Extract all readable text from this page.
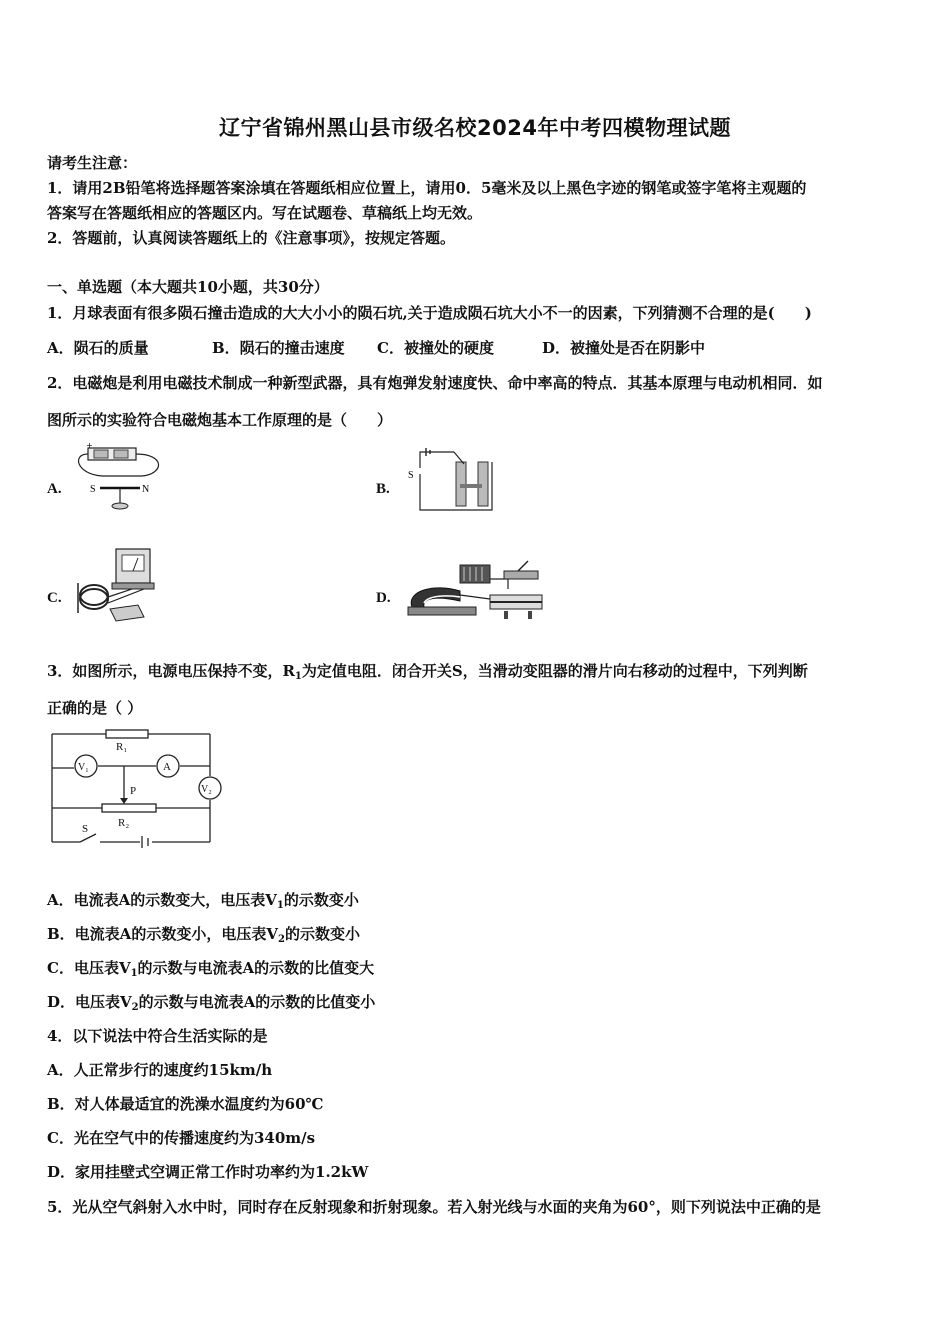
辽宁省锦州黑山县市级名校2024年中考四模物理试题
请考生注意：
1．请用2B铅笔将选择题答案涂填在答题纸相应位置上，请用0．5毫米及以上黑色字迹的钢笔或签字笔将主观题的
答案写在答题纸相应的答题区内。写在试题卷、草稿纸上均无效。
2．答题前，认真阅读答题纸上的《注意事项》，按规定答题。
一、单选题（本大题共10小题，共30分）
1．月球表面有很多陨石撞击造成的大大小小的陨石坑,关于造成陨石坑大小不一的因素，下列猜测不合理的是(　　)
A．陨石的质量	B．陨石的撞击速度 C．被撞处的硬度	D．被撞处是否在阴影中
2．电磁炮是利用电磁技术制成一种新型武器，具有炮弹发射速度快、命中率高的特点．其基本原理与电动机相同．如
图所示的实验符合电磁炮基本工作原理的是（　　）
A.	S	N
+
B.
S
C.	D.
3．如图所示，电源电压保持不变，$R_1$为定值电阻．闭合开关S，当滑动变阻器的滑片向右移动的过程中，下列判断
正确的是（ ）
R₁
V₁	A
V₂
P
R₂
S
A．电流表A的示数变大，电压表$V_1$的示数变小
B．电流表A的示数变小，电压表$V_2$的示数变小
C．电压表$V_1$的示数与电流表A的示数的比值变大
D．电压表$V_2$的示数与电流表A的示数的比值变小
4．以下说法中符合生活实际的是
A．人正常步行的速度约15km/h
B．对人体最适宜的洗澡水温度约为60℃
C．光在空气中的传播速度约为340m/s
D．家用挂壁式空调正常工作时功率约为1.2kW
5．光从空气斜射入水中时，同时存在反射现象和折射现象。若入射光线与水面的夹角为60°，则下列说法中正确的是
